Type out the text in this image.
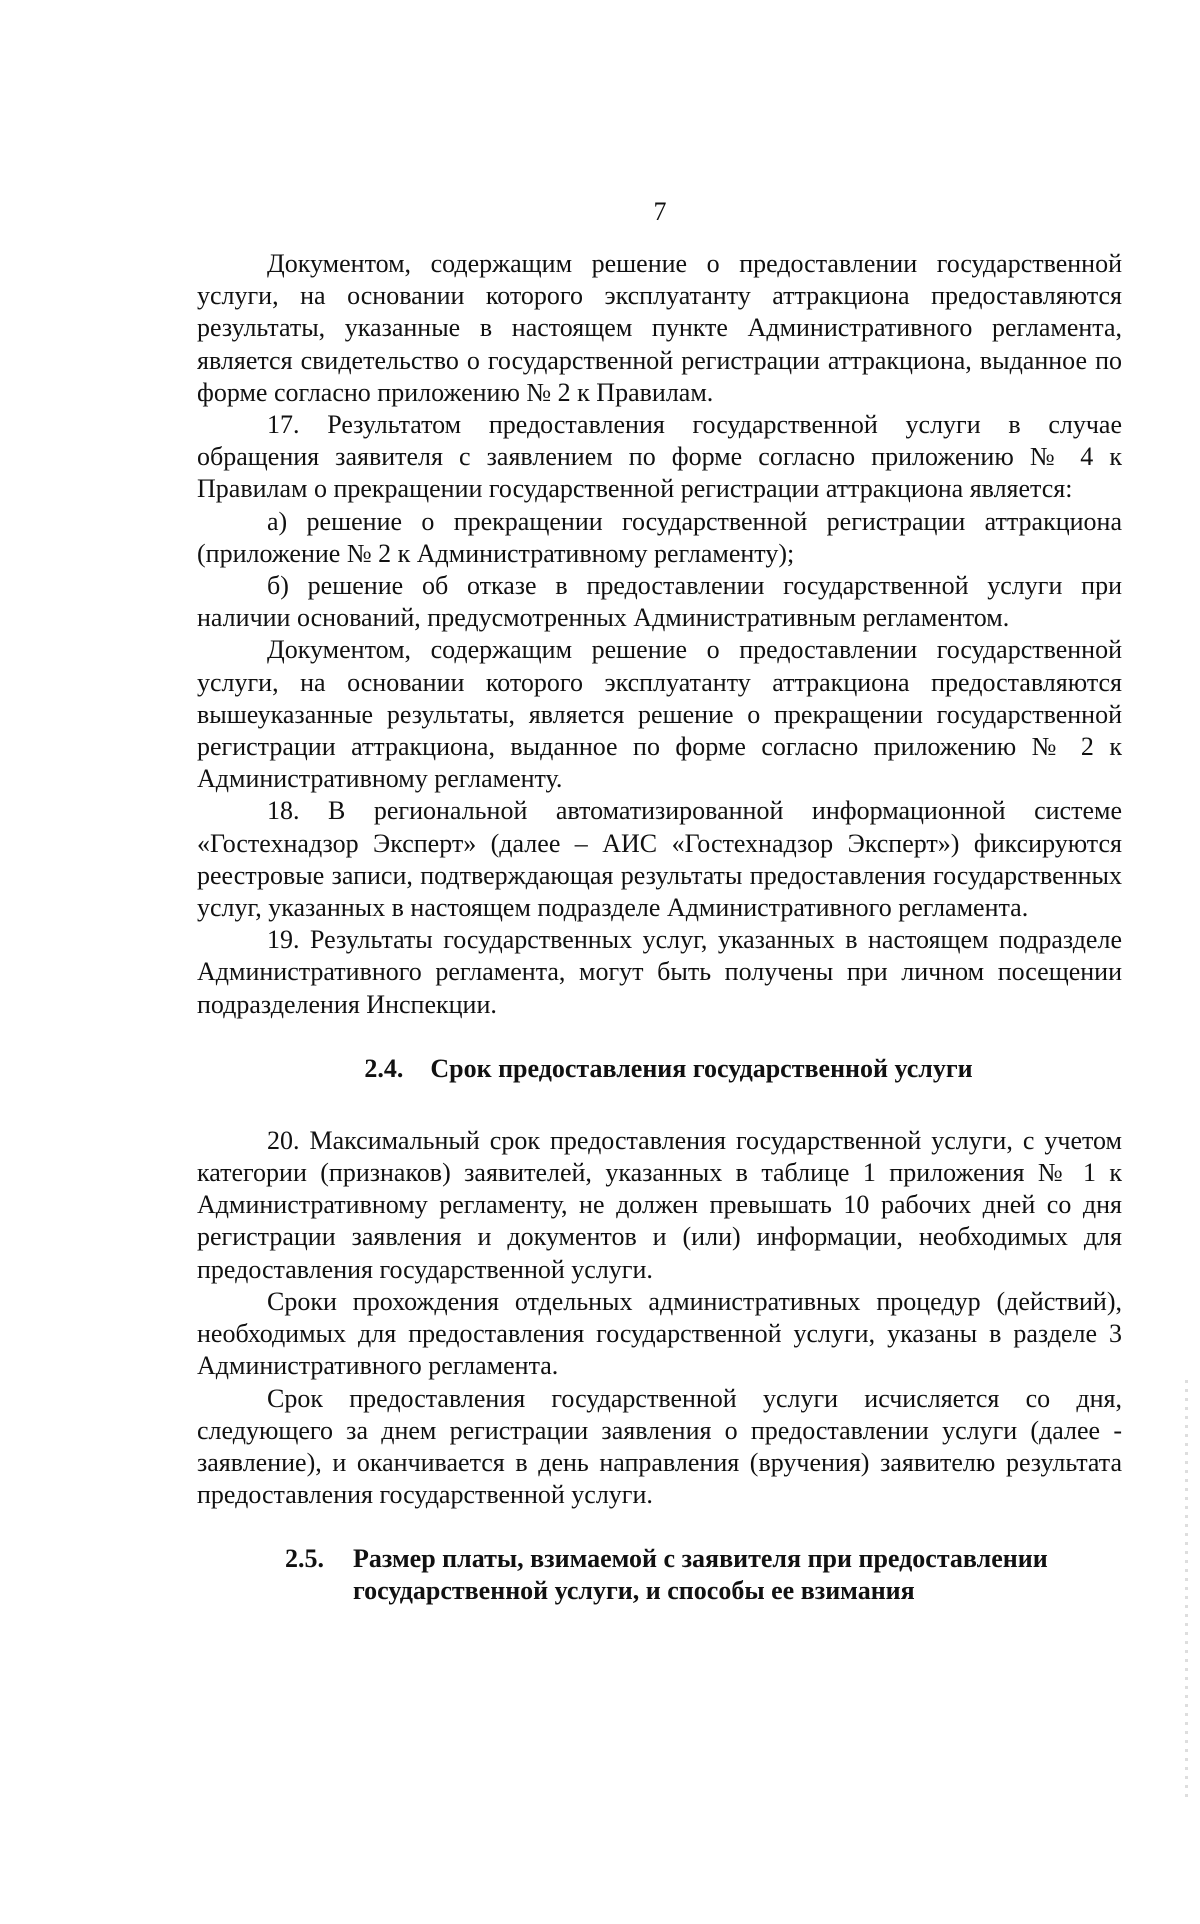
7

Документом, содержащим решение о предоставлении государственной услуги, на основании которого эксплуатанту аттракциона предоставляются результаты, указанные в настоящем пункте Административного регламента, является свидетельство о государственной регистрации аттракциона, выданное по форме согласно приложению № 2 к Правилам.

17. Результатом предоставления государственной услуги в случае обращения заявителя с заявлением по форме согласно приложению № 4 к Правилам о прекращении государственной регистрации аттракциона является:

а) решение о прекращении государственной регистрации аттракциона (приложение № 2 к Административному регламенту);

б) решение об отказе в предоставлении государственной услуги при наличии оснований, предусмотренных Административным регламентом.

Документом, содержащим решение о предоставлении государственной услуги, на основании которого эксплуатанту аттракциона предоставляются вышеуказанные результаты, является решение о прекращении государственной регистрации аттракциона, выданное по форме согласно приложению № 2 к Административному регламенту.

18. В региональной автоматизированной информационной системе «Гостехнадзор Эксперт» (далее – АИС «Гостехнадзор Эксперт») фиксируются реестровые записи, подтверждающая результаты предоставления государственных услуг, указанных в настоящем подразделе Административного регламента.

19. Результаты государственных услуг, указанных в настоящем подразделе Административного регламента, могут быть получены при личном посещении подразделения Инспекции.

2.4. Срок предоставления государственной услуги

20. Максимальный срок предоставления государственной услуги, с учетом категории (признаков) заявителей, указанных в таблице 1 приложения № 1 к Административному регламенту, не должен превышать 10 рабочих дней со дня регистрации заявления и документов и (или) информации, необходимых для предоставления государственной услуги.

Сроки прохождения отдельных административных процедур (действий), необходимых для предоставления государственной услуги, указаны в разделе 3 Административного регламента.

Срок предоставления государственной услуги исчисляется со дня, следующего за днем регистрации заявления о предоставлении услуги (далее - заявление), и оканчивается в день направления (вручения) заявителю результата предоставления государственной услуги.

2.5.	Размер платы, взимаемой с заявителя при предоставлении государственной услуги, и способы ее взимания
